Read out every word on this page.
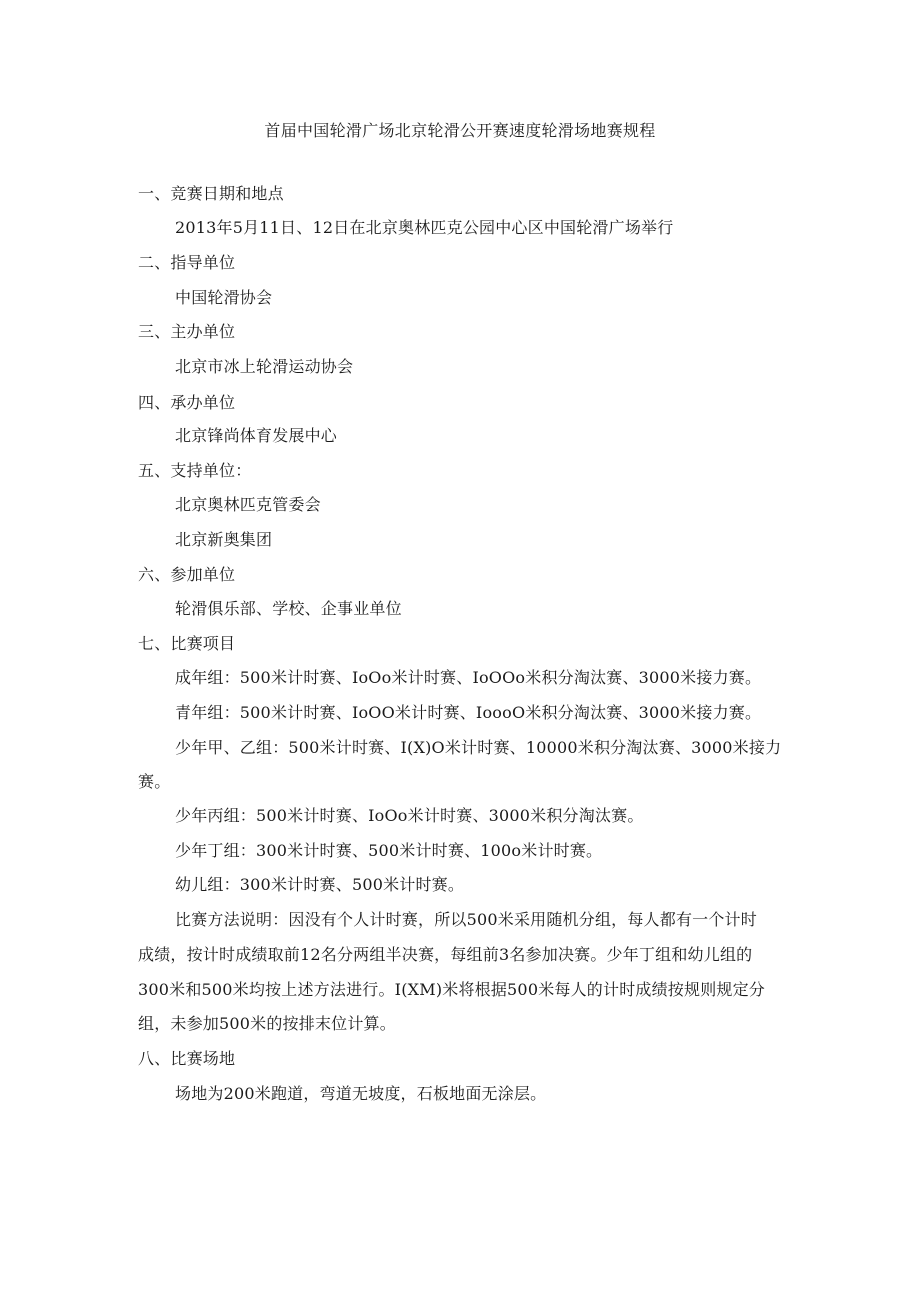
首届中国轮滑广场北京轮滑公开赛速度轮滑场地赛规程
一、竞赛日期和地点
2013年5月11日、12日在北京奥林匹克公园中心区中国轮滑广场举行
二、指导单位
中国轮滑协会
三、主办单位
北京市冰上轮滑运动协会
四、承办单位
北京锋尚体育发展中心
五、支持单位：
北京奥林匹克管委会
北京新奥集团
六、参加单位
轮滑俱乐部、学校、企事业单位
七、比赛项目
成年组：500米计时赛、IoOo米计时赛、IoOOo米积分淘汰赛、3000米接力赛。
青年组：500米计时赛、IoOO米计时赛、IoooO米积分淘汰赛、3000米接力赛。
少年甲、乙组：500米计时赛、I(X)O米计时赛、10000米积分淘汰赛、3000米接力
赛。
少年丙组：500米计时赛、IoOo米计时赛、3000米积分淘汰赛。
少年丁组：300米计时赛、500米计时赛、100o米计时赛。
幼儿组：300米计时赛、500米计时赛。
比赛方法说明：因没有个人计时赛，所以500米采用随机分组，每人都有一个计时
成绩，按计时成绩取前12名分两组半决赛，每组前3名参加决赛。少年丁组和幼儿组的
300米和500米均按上述方法进行。I(XM)米将根据500米每人的计时成绩按规则规定分
组，未参加500米的按排末位计算。
八、比赛场地
场地为200米跑道，弯道无坡度，石板地面无涂层。
